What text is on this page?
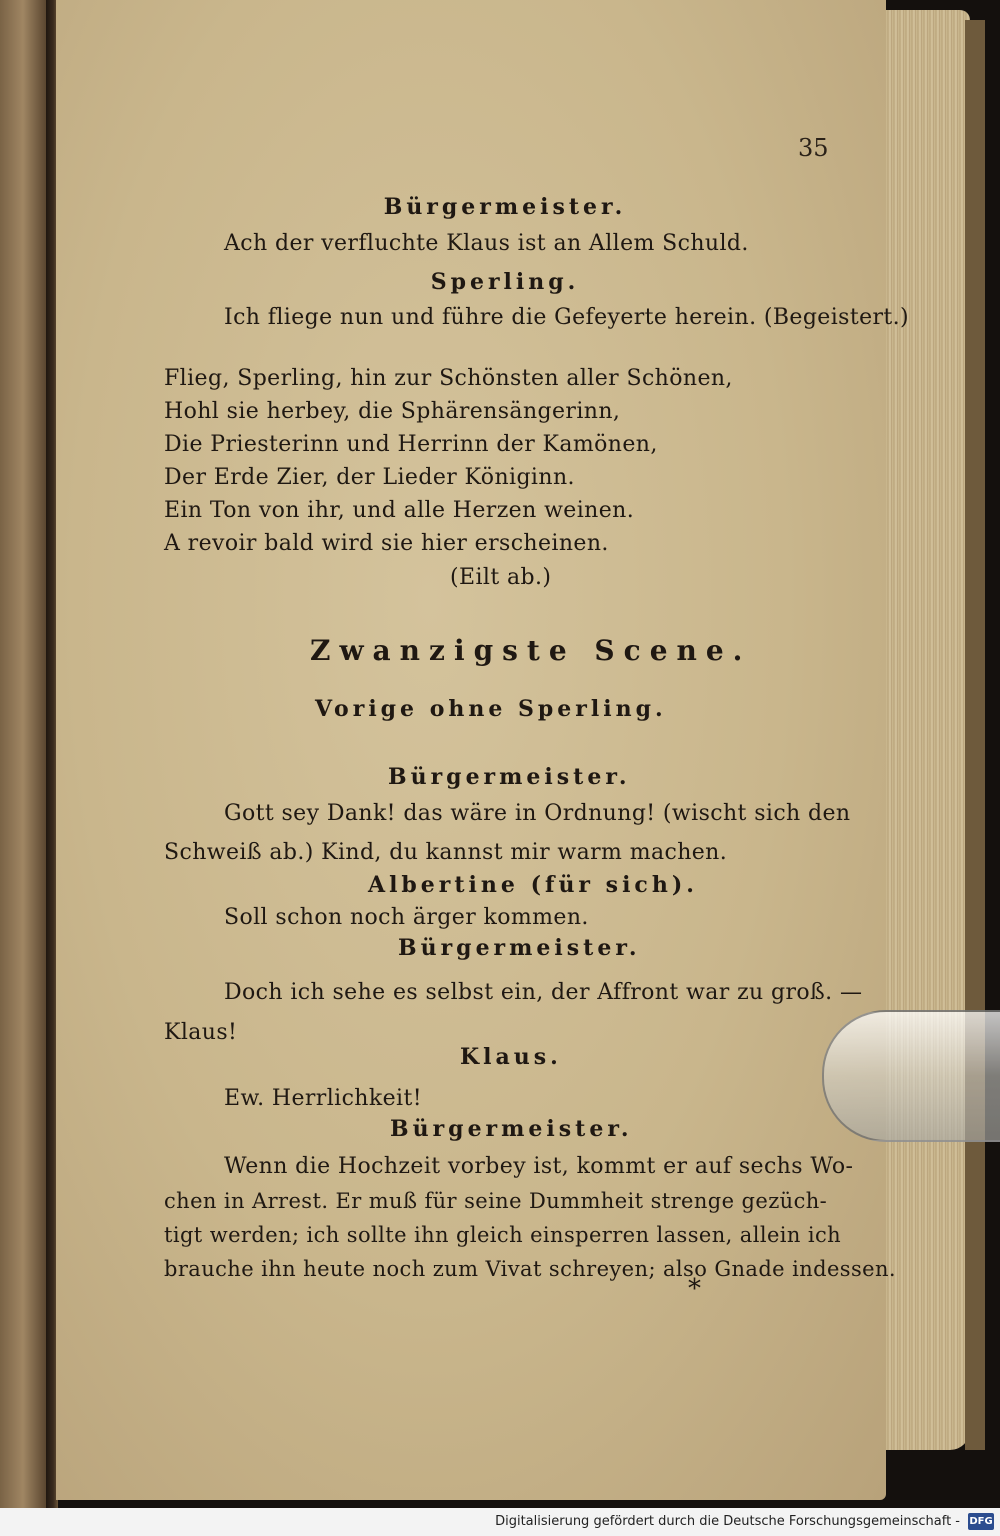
35
Bürgermeister.
Ach der verfluchte Klaus ist an Allem Schuld.
Sperling.
Ich fliege nun und führe die Gefeyerte herein. (Begeistert.)
Flieg, Sperling, hin zur Schönsten aller Schönen,
Hohl sie herbey, die Sphärensängerinn,
Die Priesterinn und Herrinn der Kamönen,
Der Erde Zier, der Lieder Königinn.
Ein Ton von ihr, und alle Herzen weinen.
A revoir bald wird sie hier erscheinen.
(Eilt ab.)
Zwanzigste Scene.
Vorige ohne Sperling.
Bürgermeister.
Gott sey Dank! das wäre in Ordnung! (wischt sich den
Schweiß ab.) Kind, du kannst mir warm machen.
Albertine (für sich).
Soll schon noch ärger kommen.
Bürgermeister.
Doch ich sehe es selbst ein, der Affront war zu groß. —
Klaus!
Klaus.
Ew. Herrlichkeit!
Bürgermeister.
Wenn die Hochzeit vorbey ist, kommt er auf sechs Wo-
chen in Arrest. Er muß für seine Dummheit strenge gezüch-
tigt werden; ich sollte ihn gleich einsperren lassen, allein ich
brauche ihn heute noch zum Vivat schreyen; also Gnade indessen.
*
Digitalisierung gefördert durch die Deutsche Forschungsgemeinschaft - DFG
